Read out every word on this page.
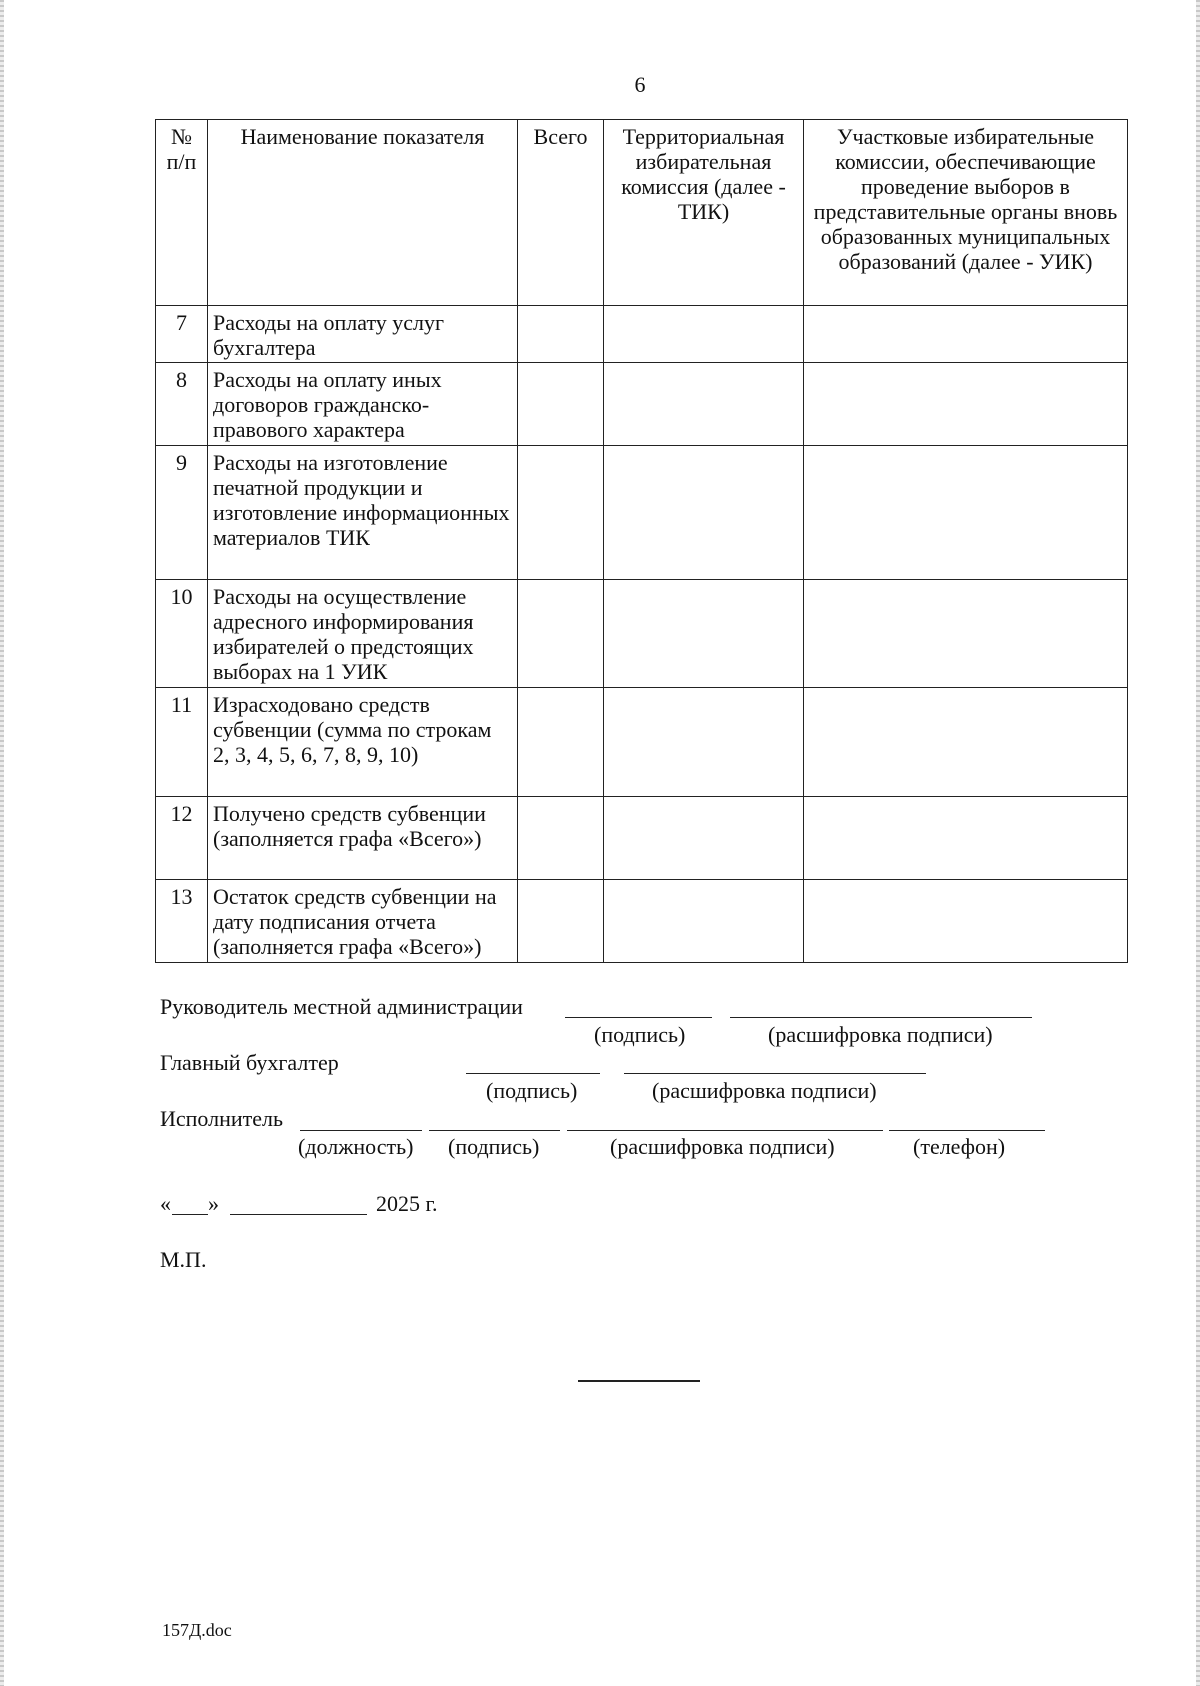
6
№ п/п	Наименование показателя	Всего	Территориальная избирательная комиссия (далее - ТИК)	Участковые избирательные комиссии, обеспечивающие проведение выборов в представительные органы вновь образованных муниципальных образований (далее - УИК)
7	Расходы на оплату услуг бухгалтера			
8	Расходы на оплату иных договоров гражданско-правового характера			
9	Расходы на изготовление печатной продукции и изготовление информационных материалов ТИК			
10	Расходы на осуществление адресного информирования избирателей о предстоящих выборах на 1 УИК			
11	Израсходовано средств субвенции (сумма по строкам 2, 3, 4, 5, 6, 7, 8, 9, 10)			
12	Получено средств субвенции (заполняется графа «Всего»)			
13	Остаток средств субвенции на дату подписания отчета (заполняется графа «Всего»)			
Руководитель местной администрации
(подпись)	(расшифровка подписи)
Главный бухгалтер
(подпись)	(расшифровка подписи)
Исполнитель
(должность) (подпись)	(расшифровка подписи)	(телефон)
« »	2025 г.
М.П.
157Д.doc
